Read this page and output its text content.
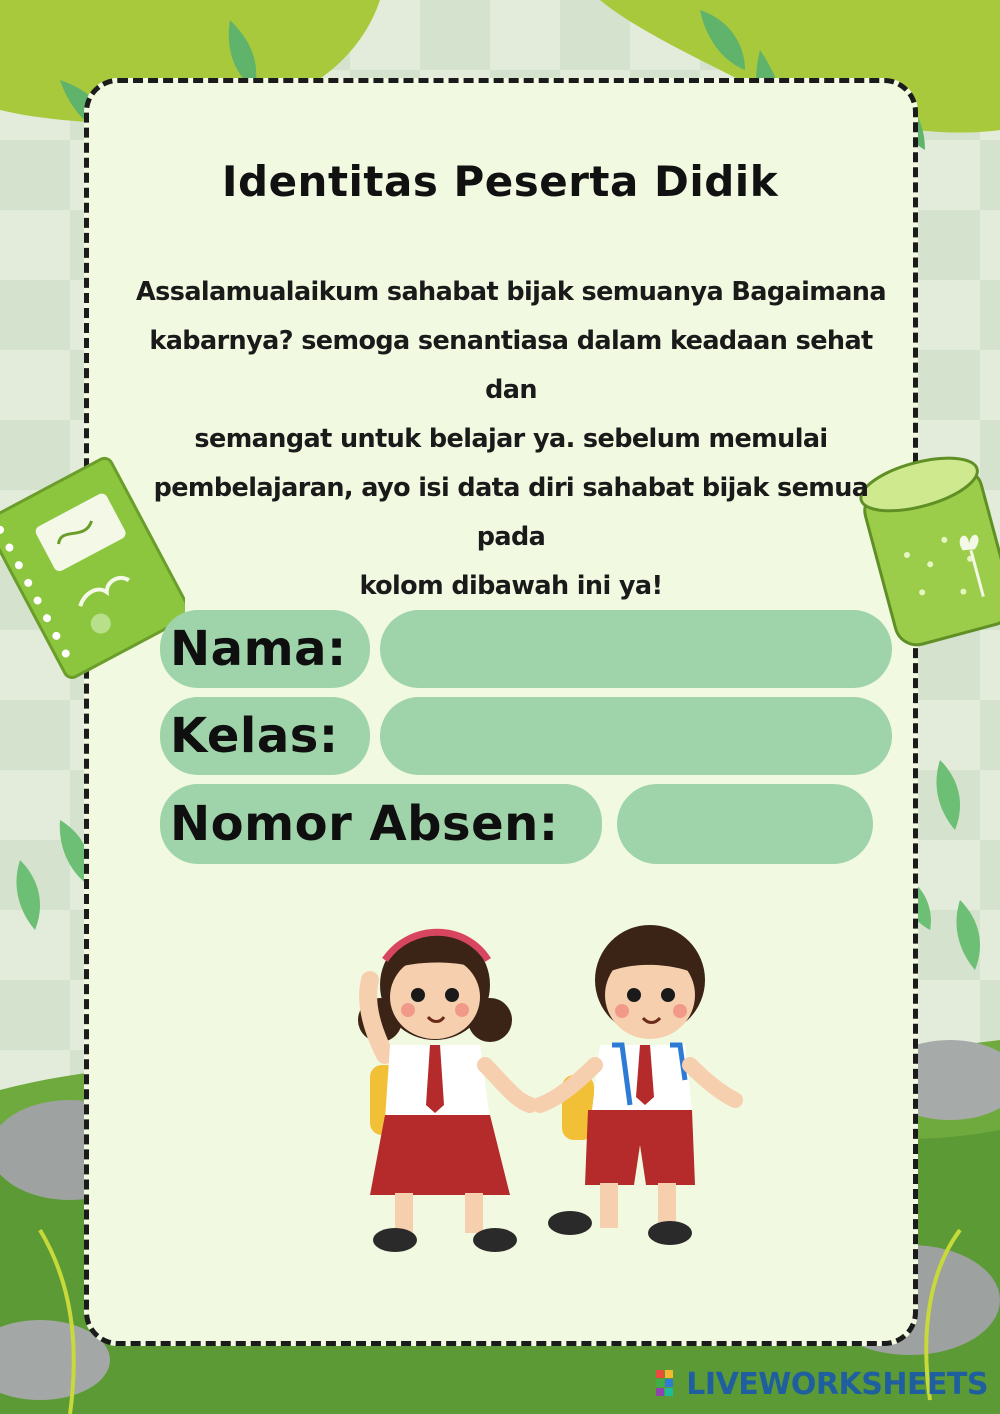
Identitas Peserta Didik
Assalamualaikum sahabat bijak semuanya Bagaimana
kabarnya? semoga senantiasa dalam keadaan sehat dan
semangat untuk belajar ya. sebelum memulai
pembelajaran, ayo isi data diri sahabat bijak semua pada
kolom dibawah ini ya!
Nama:
Kelas:
Nomor Absen:
LIVEWORKSHEETS
